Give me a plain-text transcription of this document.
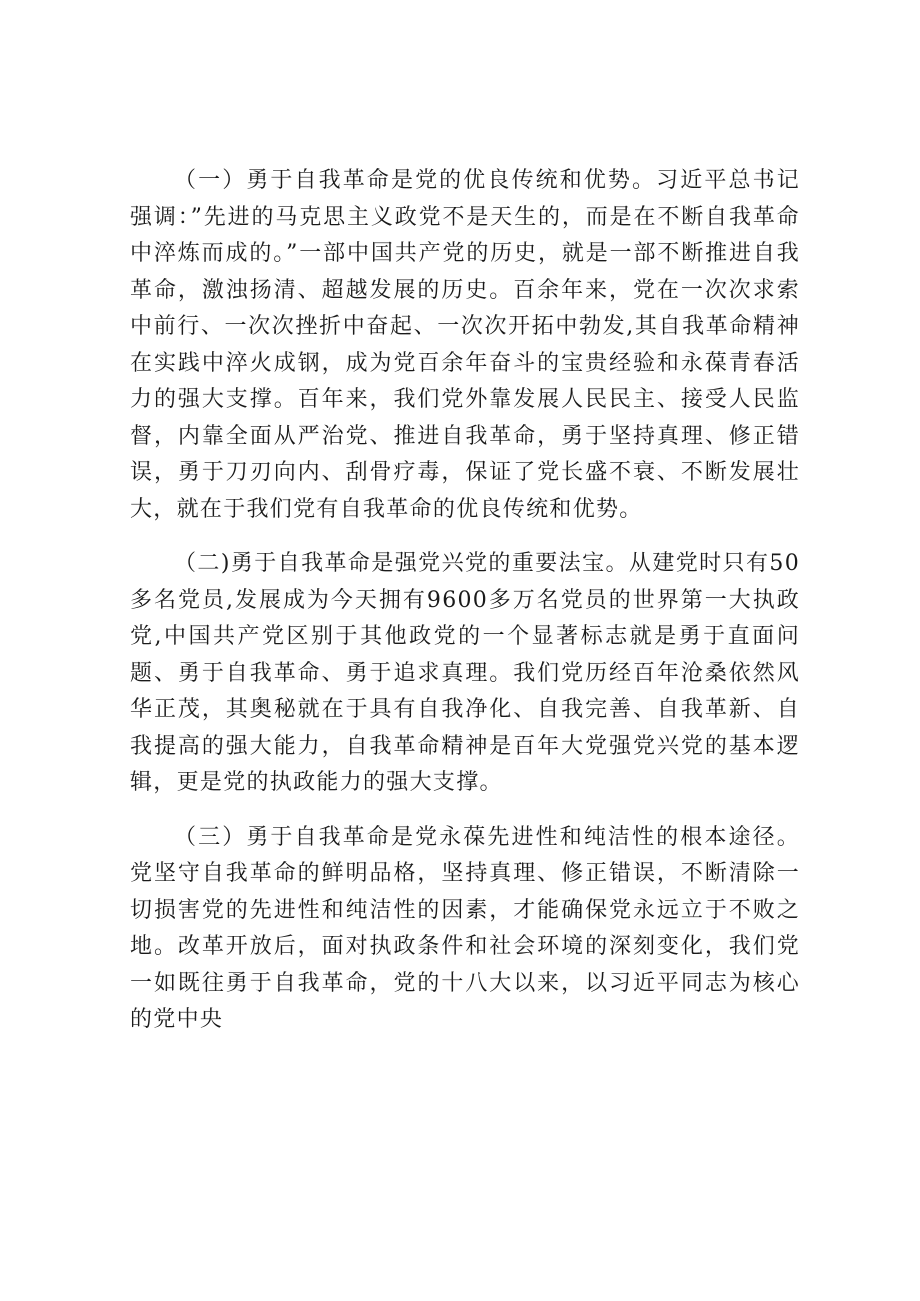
（一）勇于自我革命是党的优良传统和优势。习近平总书记强调：”先进的马克思主义政党不是天生的，而是在不断自我革命中淬炼而成的。”一部中国共产党的历史，就是一部不断推进自我革命，激浊扬清、超越发展的历史。百余年来，党在一次次求索中前行、一次次挫折中奋起、一次次开拓中勃发,其自我革命精神在实践中淬火成钢，成为党百余年奋斗的宝贵经验和永葆青春活力的强大支撑。百年来，我们党外靠发展人民民主、接受人民监督，内靠全面从严治党、推进自我革命，勇于坚持真理、修正错误，勇于刀刃向内、刮骨疗毒，保证了党长盛不衰、不断发展壮大，就在于我们党有自我革命的优良传统和优势。

（二)勇于自我革命是强党兴党的重要法宝。从建党时只有50多名党员,发展成为今天拥有9600多万名党员的世界第一大执政党,中国共产党区别于其他政党的一个显著标志就是勇于直面问题、勇于自我革命、勇于追求真理。我们党历经百年沧桑依然风华正茂，其奥秘就在于具有自我净化、自我完善、自我革新、自我提高的强大能力，自我革命精神是百年大党强党兴党的基本逻辑，更是党的执政能力的强大支撑。

（三）勇于自我革命是党永葆先进性和纯洁性的根本途径。党坚守自我革命的鲜明品格，坚持真理、修正错误，不断清除一切损害党的先进性和纯洁性的因素，才能确保党永远立于不败之地。改革开放后，面对执政条件和社会环境的深刻变化，我们党一如既往勇于自我革命，党的十八大以来，以习近平同志为核心的党中央
